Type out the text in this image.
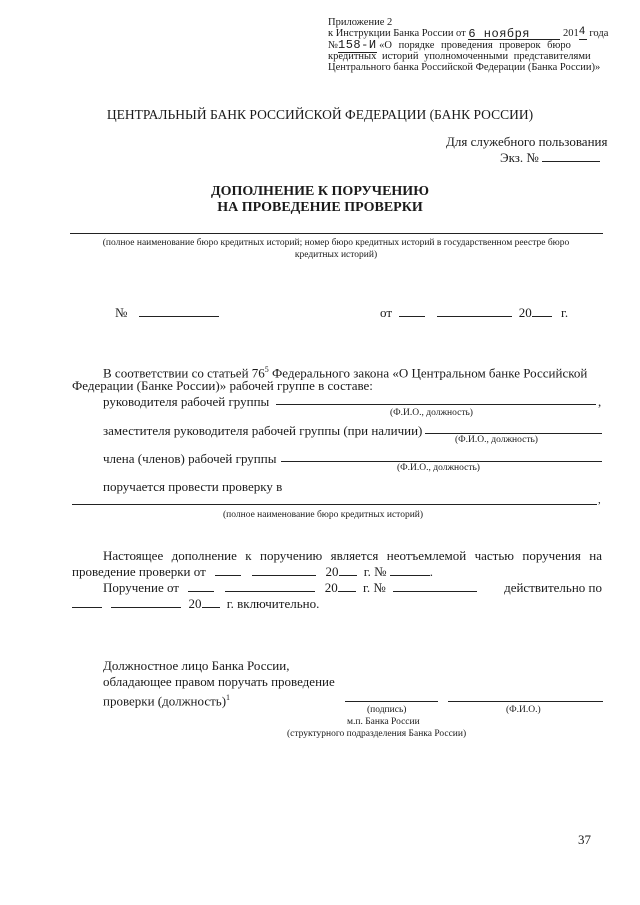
Приложение 2
к Инструкции Банка России от 6 ноября	2014 года
№158-И «О порядке проведения проверок бюро
кредитных историй уполномоченными представителями
Центрального банка Российской Федерации (Банка России)»
ЦЕНТРАЛЬНЫЙ БАНК РОССИЙСКОЙ ФЕДЕРАЦИИ (БАНК РОССИИ)
Для служебного пользования
Экз. №
ДОПОЛНЕНИЕ К ПОРУЧЕНИЮ
НА ПРОВЕДЕНИЕ ПРОВЕРКИ
(полное наименование бюро кредитных историй; номер бюро кредитных историй в государственном реестре бюро
кредитных историй)
№	от	20 г.
В соответствии со статьей $76^5$ Федерального закона «О Центральном банке Российской
Федерации (Банке России)» рабочей группе в составе:
руководителя рабочей группы	,
(Ф.И.О., должность)
заместителя руководителя рабочей группы (при наличии)
(Ф.И.О., должность)
члена (членов) рабочей группы
(Ф.И.О., должность)
поручается провести проверку в
,
(полное наименование бюро кредитных историй)
Настоящее дополнение к поручению является неотъемлемой частью поручения на
проведение проверки от	20 г. №	.
Поручение от	20 г. №	действительно по
20 г. включительно.
Должностное лицо Банка России,
обладающее правом поручать проведение
проверки (должность)$^1$
(подпись)	(Ф.И.О.)
м.п. Банка России
(структурного подразделения Банка России)
37
